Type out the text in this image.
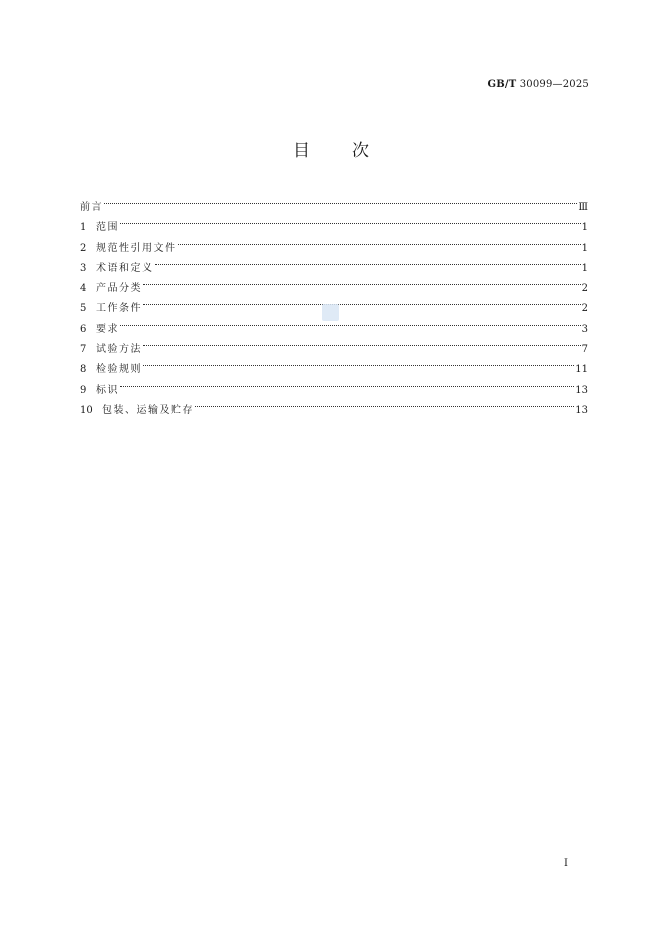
GB/T 30099—2025
目次
前言	Ⅲ
1 范围	1
2 规范性引用文件	1
3 术语和定义	1
4 产品分类	2
5 工作条件	2
6 要求	3
7 试验方法	7
8 检验规则	11
9 标识	13
10 包装、运输及贮存	13
Ⅰ
